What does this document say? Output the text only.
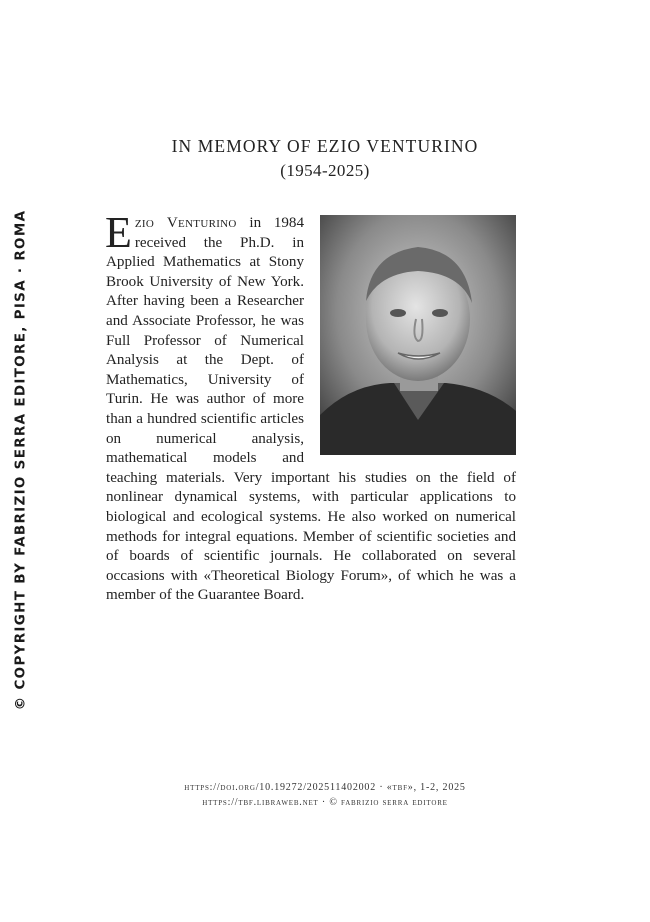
© COPYRIGHT BY FABRIZIO SERRA EDITORE, PISA · ROMA
IN MEMORY OF EZIO VENTURINO
(1954-2025)
Ezio Venturino in 1984 received the Ph.D. in Applied Mathematics at Stony Brook University of New York. After having been a Researcher and Associate Professor, he was Full Professor of Numerical Analysis at the Dept. of Mathematics, University of Turin. He was author of more than a hundred scientific articles on numerical analysis, mathematical models and teaching materials. Very important his studies on the field of nonlinear dynamical systems, with particular applications to biological and ecological systems. He also worked on numerical methods for integral equations. Member of scientific societies and of boards of scientific journals. He collaborated on several occasions with «Theoretical Biology Forum», of which he was a member of the Guarantee Board.
https://doi.org/10.19272/202511402002 · «tbf», 1-2, 2025
https://tbf.libraweb.net · © fabrizio serra editore
